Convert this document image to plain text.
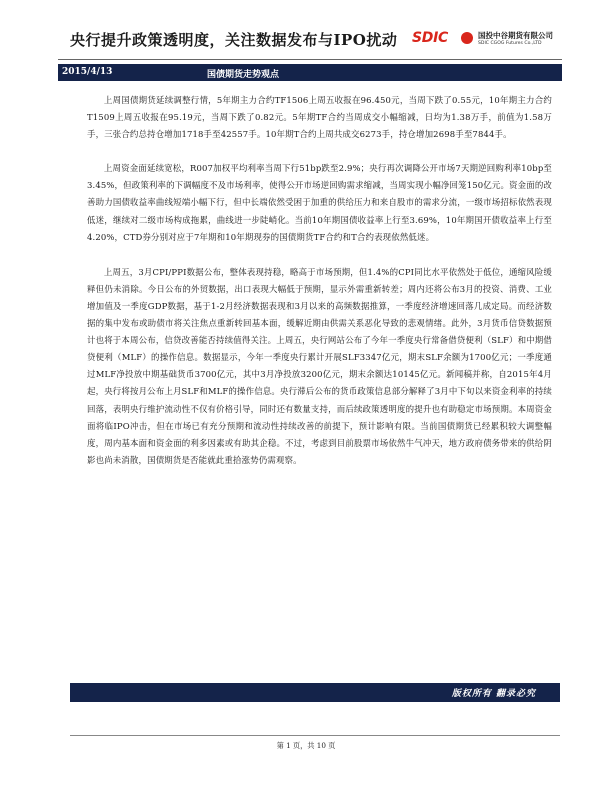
央行提升政策透明度，关注数据发布与IPO扰动 SDIC	国投中谷期货有限公司
SDIC CGOG Futures Co.,LTD
2015/4/13	国债期货走势观点

上周国债期货延续调整行情，5年期主力合约TF1506上周五收报在96.450元，当周下跌了0.55元，10年期主力合约T1509上周五收报在95.19元，当周下跌了0.82元。5年期TF合约当周成交小幅缩减，日均为1.38万手，前值为1.58万手，三张合约总持仓增加1718手至42557手。10年期T合约上周共成交6273手，持仓增加2698手至7844手。

上周资金面延续宽松，R007加权平均利率当周下行51bp跌至2.9%；央行再次调降公开市场7天期逆回购利率10bp至3.45%，但政策利率的下调幅度不及市场利率，使得公开市场逆回购需求缩减，当周实现小幅净回笼150亿元。资金面的改善助力国债收益率曲线短端小幅下行，但中长端依然受困于加重的供给压力和来自股市的需求分流，一级市场招标依然表现低迷，继续对二级市场构成拖累，曲线进一步陡峭化。当前10年期国债收益率上行至3.69%，10年期国开债收益率上行至4.20%，CTD券分别对应于7年期和10年期现券的国债期货TF合约和T合约表现依然低迷。

上周五，3月CPI/PPI数据公布，整体表现持稳，略高于市场预期，但1.4%的CPI同比水平依然处于低位，通缩风险缓释但仍未消除。今日公布的外贸数据，出口表现大幅低于预期，显示外需重新转差；周内还将公布3月的投资、消费、工业增加值及一季度GDP数据，基于1-2月经济数据表现和3月以来的高频数据推算，一季度经济增速回落几成定局。而经济数据的集中发布或助债市将关注焦点重新转回基本面，缓解近期由供需关系恶化导致的悲观情绪。此外，3月货币信贷数据预计也将于本周公布，信贷改善能否持续值得关注。上周五，央行网站公布了今年一季度央行常备借贷便利（SLF）和中期借贷便利（MLF）的操作信息。数据显示，今年一季度央行累计开展SLF3347亿元，期末SLF余额为1700亿元；一季度通过MLF净投放中期基础货币3700亿元，其中3月净投放3200亿元，期末余额达10145亿元。新闻稿并称，自2015年4月起，央行将按月公布上月SLF和MLF的操作信息。央行滞后公布的货币政策信息部分解释了3月中下旬以来资金利率的持续回落，表明央行维护流动性不仅有价格引导，同时还有数量支持，而后续政策透明度的提升也有助稳定市场预期。本周资金面将临IPO冲击，但在市场已有充分预期和流动性持续改善的前提下，预计影响有限。当前国债期货已经累积较大调整幅度，周内基本面和资金面的利多因素或有助其企稳。不过，考虑到目前股票市场依然牛气冲天，地方政府债务带来的供给阴影也尚未消散，国债期货是否能就此重拾涨势仍需观察。

版权所有 翻录必究
第 1 页，共 10 页
